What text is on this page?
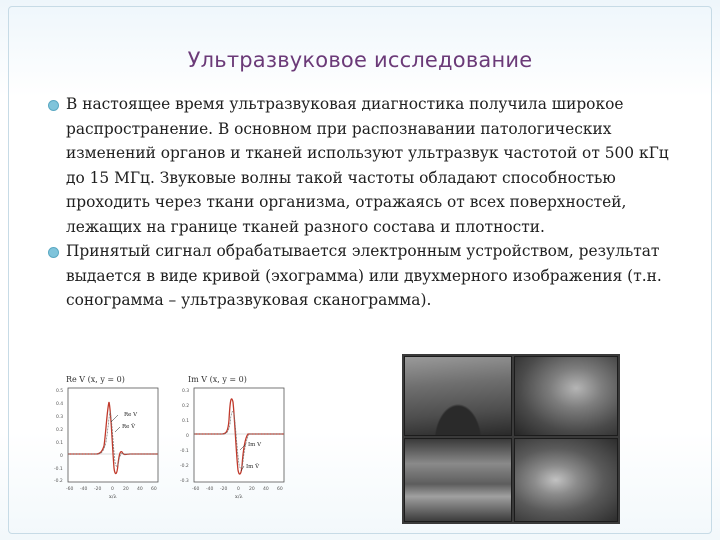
Ультразвуковое исследование
В настоящее время ультразвуковая диагностика получила широкое распространение. В основном при распознавании патологических изменений органов и тканей используют ультразвук частотой от 500 кГц до 15 МГц. Звуковые волны такой частоты обладают способностью проходить через ткани организма, отражаясь от всех поверхностей, лежащих на границе тканей разного состава и плотности.
Принятый сигнал обрабатывается электронным устройством, результат выдается в виде кривой (эхограмма) или двухмерного изображения (т.н. сонограмма – ультразвуковая сканограмма).
Re V (x, y = 0)
0.5
0.4
0.3
0.2
0.1
0
-0.1
-0.2
-60 -40 -20 0 20 40 60
x/λ
Re V
Re V̂
Im V (x, y = 0)
0.3
0.2
0.1
0
-0.1
-0.2
-0.3
-60 -40 -20 0 20 40 60
x/λ
Im V
Im V̂
